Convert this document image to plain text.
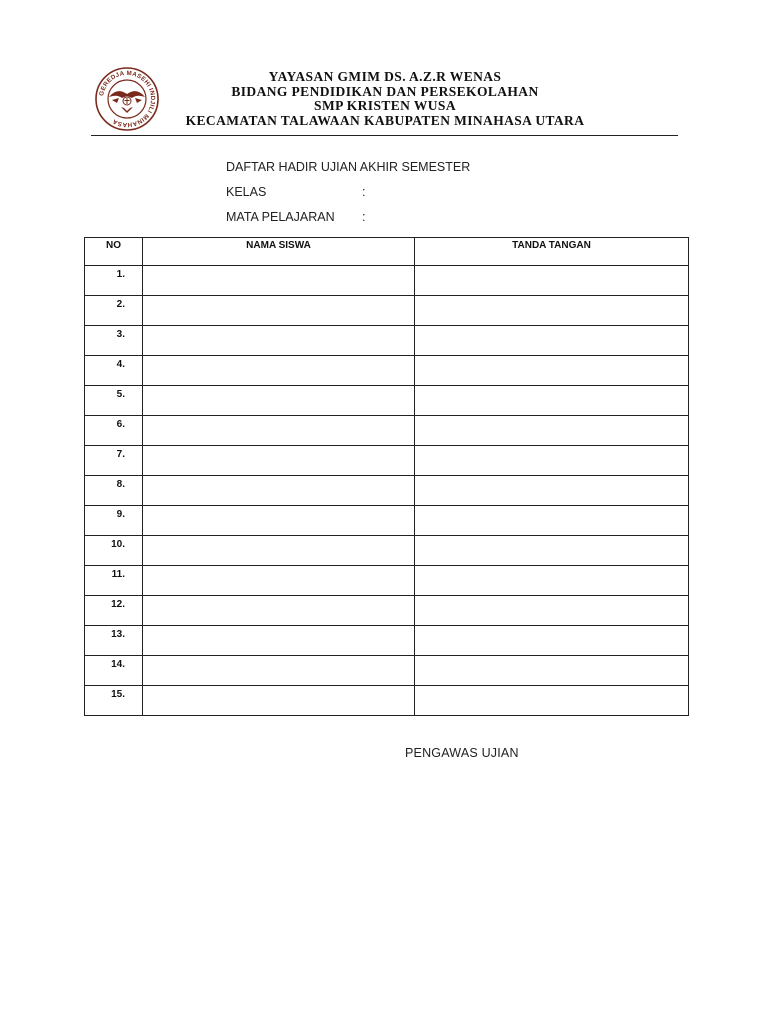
GEREDJA MASEHI INDJILI MINAHASA
YAYASAN GMIM DS. A.Z.R WENAS
BIDANG PENDIDIKAN DAN PERSEKOLAHAN
SMP KRISTEN WUSA
KECAMATAN TALAWAAN KABUPATEN MINAHASA UTARA
DAFTAR HADIR UJIAN AKHIR SEMESTER
KELAS	:
MATA PELAJARAN :
NO	NAMA SISWA	TANDA TANGAN
1.		
2.		
3.		
4.		
5.		
6.		
7.		
8.		
9.		
10.		
11.		
12.		
13.		
14.		
15.		
PENGAWAS UJIAN
